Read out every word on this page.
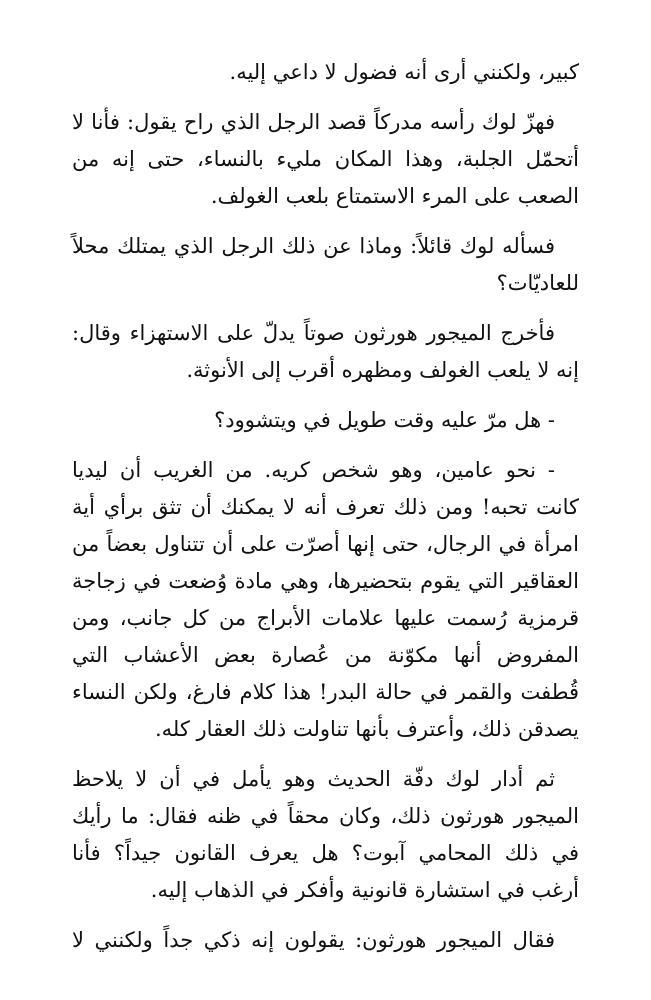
كبير، ولكنني أرى أنه فضول لا داعي إليه.

فهزّ لوك رأسه مدركاً قصد الرجل الذي راح يقول: فأنا لا أتحمّل الجلبة، وهذا المكان مليء بالنساء، حتى إنه من الصعب على المرء الاستمتاع بلعب الغولف.

فسأله لوك قائلاً: وماذا عن ذلك الرجل الذي يمتلك محلاً للعاديّات؟

فأخرج الميجور هورثون صوتاً يدلّ على الاستهزاء وقال: إنه لا يلعب الغولف ومظهره أقرب إلى الأنوثة.

- هل مرّ عليه وقت طويل في ويتشوود؟

- نحو عامين، وهو شخص كريه. من الغريب أن ليديا كانت تحبه! ومن ذلك تعرف أنه لا يمكنك أن تثق برأي أية امرأة في الرجال، حتى إنها أصرّت على أن تتناول بعضاً من العقاقير التي يقوم بتحضيرها، وهي مادة وُضعت في زجاجة قرمزية رُسمت عليها علامات الأبراج من كل جانب، ومن المفروض أنها مكوّنة من عُصارة بعض الأعشاب التي قُطفت والقمر في حالة البدر! هذا كلام فارغ، ولكن النساء يصدقن ذلك، وأعترف بأنها تناولت ذلك العقار كله.

ثم أدار لوك دفّة الحديث وهو يأمل في أن لا يلاحظ الميجور هورثون ذلك، وكان محقاً في ظنه فقال: ما رأيك في ذلك المحامي آبوت؟ هل يعرف القانون جيداً؟ فأنا أرغب في استشارة قانونية وأفكر في الذهاب إليه.

فقال الميجور هورثون: يقولون إنه ذكي جداً ولكنني لا
